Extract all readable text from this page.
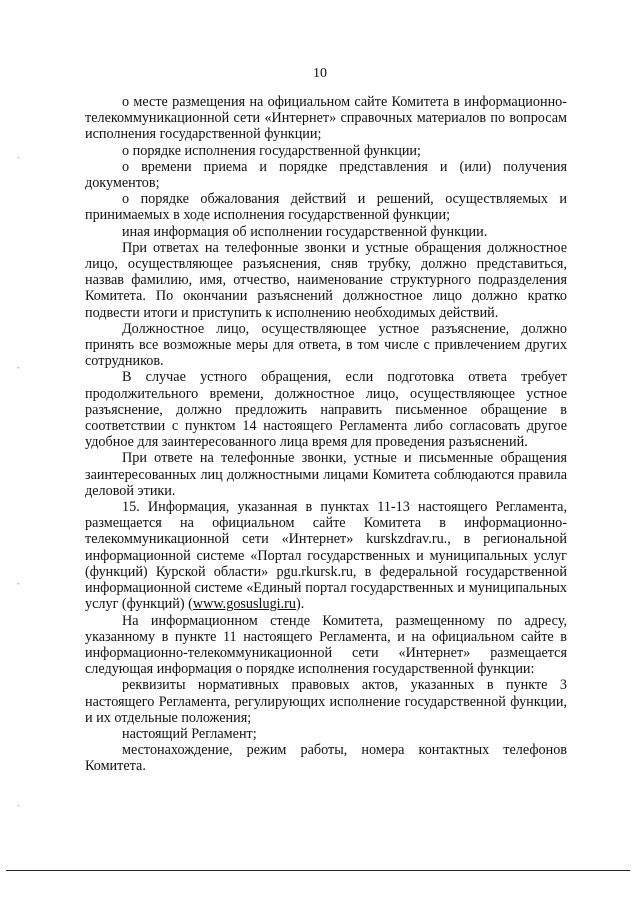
10

о месте размещения на официальном сайте Комитета в информационно-телекоммуникационной сети «Интернет» справочных материалов по вопросам исполнения государственной функции;

о порядке исполнения государственной функции;

о времени приема и порядке представления и (или) получения документов;

о порядке обжалования действий и решений, осуществляемых и принимаемых в ходе исполнения государственной функции;

иная информация об исполнении государственной функции.

При ответах на телефонные звонки и устные обращения должностное лицо, осуществляющее разъяснения, сняв трубку, должно представиться, назвав фамилию, имя, отчество, наименование структурного подразделения Комитета. По окончании разъяснений должностное лицо должно кратко подвести итоги и приступить к исполнению необходимых действий.

Должностное лицо, осуществляющее устное разъяснение, должно принять все возможные меры для ответа, в том числе с привлечением других сотрудников.

В случае устного обращения, если подготовка ответа требует продолжительного времени, должностное лицо, осуществляющее устное разъяснение, должно предложить направить письменное обращение в соответствии с пунктом 14 настоящего Регламента либо согласовать другое удобное для заинтересованного лица время для проведения разъяснений.

При ответе на телефонные звонки, устные и письменные обращения заинтересованных лиц должностными лицами Комитета соблюдаются правила деловой этики.

15. Информация, указанная в пунктах 11-13 настоящего Регламента, размещается на официальном сайте Комитета в информационно-телекоммуникационной сети «Интернет» kurskzdrav.ru., в региональной информационной системе «Портал государственных и муниципальных услуг (функций) Курской области» pgu.rkursk.ru, в федеральной государственной информационной системе «Единый портал государственных и муниципальных услуг (функций) (www.gosuslugi.ru).

На информационном стенде Комитета, размещенному по адресу, указанному в пункте 11 настоящего Регламента, и на официальном сайте в информационно-телекоммуникационной сети «Интернет» размещается следующая информация о порядке исполнения государственной функции:

реквизиты нормативных правовых актов, указанных в пункте 3 настоящего Регламента, регулирующих исполнение государственной функции, и их отдельные положения;

настоящий Регламент;

местонахождение, режим работы, номера контактных телефонов Комитета.

-
-
-
-
